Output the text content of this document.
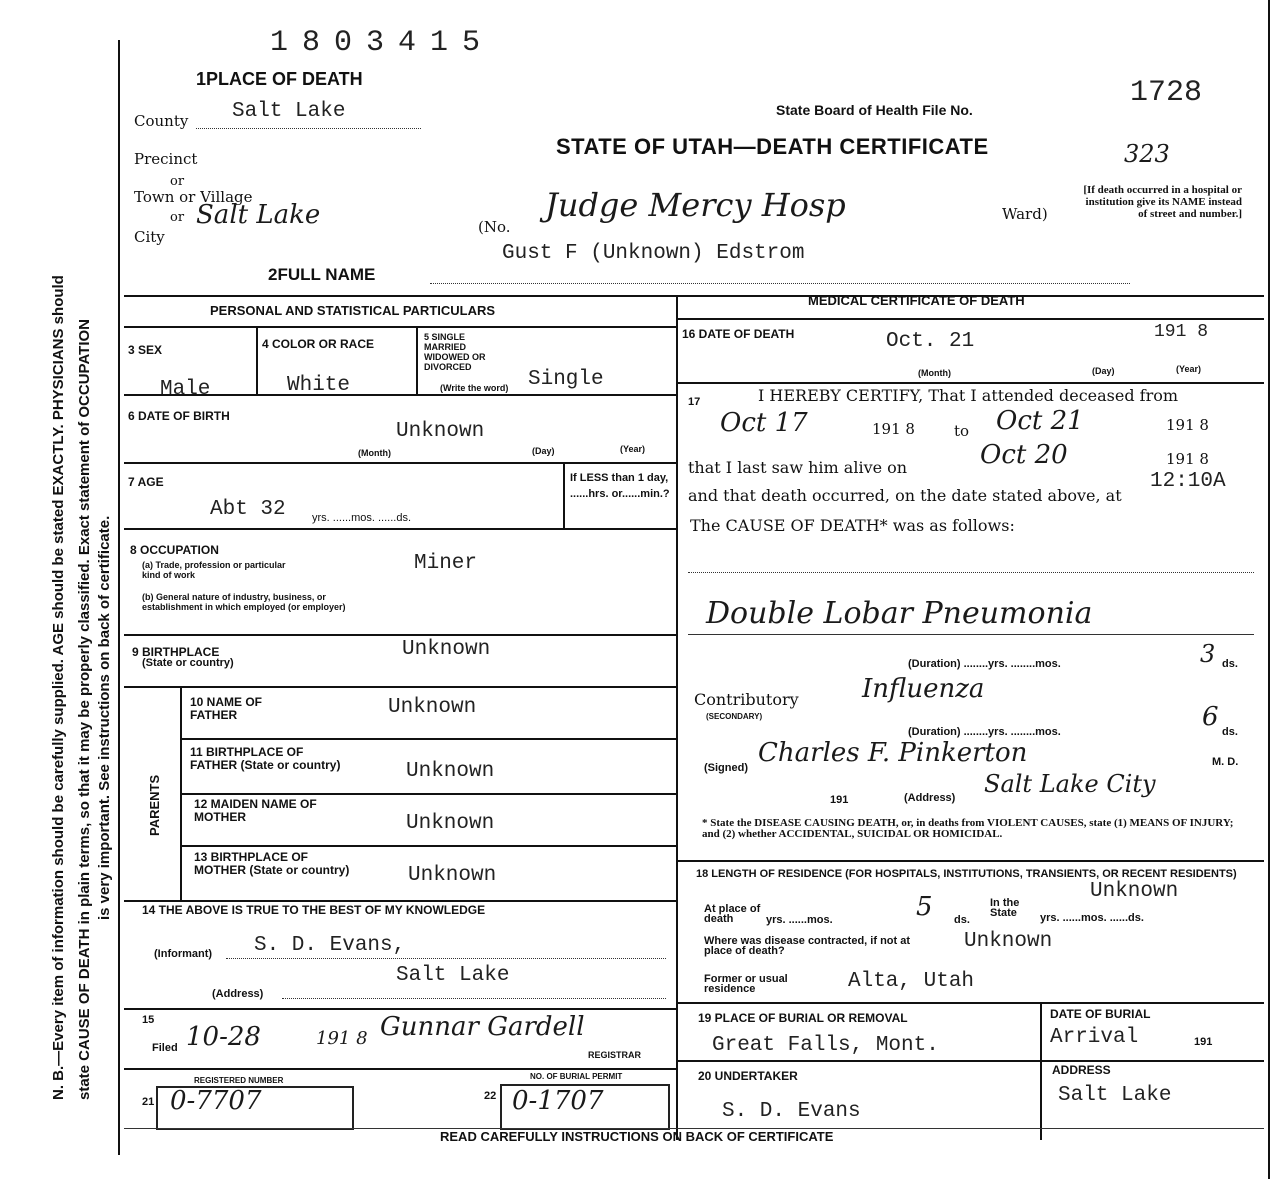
N. B.—Every item of information should be carefully supplied. AGE should be stated EXACTLY. PHYSICIANS should state CAUSE OF DEATH in plain terms, so that it may be properly classified. Exact statement of OCCUPATION is very important. See instructions on back of certificate.
1803415
1PLACE OF DEATH
County Salt Lake
Precinct
or
Town or Village
or
City
Salt Lake	(No.
Judge Mercy Hosp	Ward)
[If death occurred in a hospital or institution give its NAME instead of street and number.]
State Board of Health File No.	1728
STATE OF UTAH—DEATH CERTIFICATE	323
2FULL NAME
Gust F (Unknown) Edstrom
PERSONAL AND STATISTICAL PARTICULARS
3 SEX
Male
4 COLOR OR RACE
White
5 SINGLE MARRIED WIDOWED OR DIVORCED
(Write the word) Single
6 DATE OF BIRTH
Unknown
(Month)	(Day)	(Year)
7 AGE
Abt 32 yrs. ......mos. ......ds.
If LESS than 1 day, ......hrs. or......min.?
8 OCCUPATION
(a) Trade, profession or particular kind of work	Miner
(b) General nature of industry, business, or establishment in which employed (or employer)
9 BIRTHPLACE
(State or country)
Unknown
PARENTS
10 NAME OF FATHER	Unknown
11 BIRTHPLACE OF FATHER (State or country)	Unknown
12 MAIDEN NAME OF MOTHER	Unknown
13 BIRTHPLACE OF MOTHER (State or country)	Unknown
14 THE ABOVE IS TRUE TO THE BEST OF MY KNOWLEDGE
(Informant) S. D. Evans,
(Address)
Salt Lake
15
Filed 10-28	191 8 Gunnar Gardell
REGISTRAR
REGISTERED NUMBER
21 0-7707
NO. OF BURIAL PERMIT
22 0-1707
MEDICAL CERTIFICATE OF DEATH
16 DATE OF DEATH	Oct. 21	191 8
(Month)	(Day)	(Year)
17	I HEREBY CERTIFY, That I attended deceased from
Oct 17	191 8	to Oct 21	191 8
that I last saw him alive on	Oct 20	191 8
and that death occurred, on the date stated above, at
12:10A
The CAUSE OF DEATH* was as follows:
Double Lobar Pneumonia
(Duration) ........yrs. ........mos.	3 ds.
Contributory
(SECONDARY)
Influenza
(Duration) ........yrs. ........mos.	6 ds.
(Signed) Charles F. Pinkerton	M. D.
191	(Address) Salt Lake City
* State the DISEASE CAUSING DEATH, or, in deaths from VIOLENT CAUSES, state (1) MEANS OF INJURY; and (2) whether ACCIDENTAL, SUICIDAL OR HOMICIDAL.
18 LENGTH OF RESIDENCE (FOR HOSPITALS, INSTITUTIONS, TRANSIENTS, OR RECENT RESIDENTS)
At place of death	yrs. ......mos.	5 ds.
In the State
Unknown
yrs. ......mos. ......ds.
Where was disease contracted, if not at place of death?	Unknown
Former or usual residence	Alta, Utah
19 PLACE OF BURIAL OR REMOVAL
Great Falls, Mont.
DATE OF BURIAL
Arrival	191
20 UNDERTAKER
S. D. Evans
ADDRESS
Salt Lake
READ CAREFULLY INSTRUCTIONS ON BACK OF CERTIFICATE
